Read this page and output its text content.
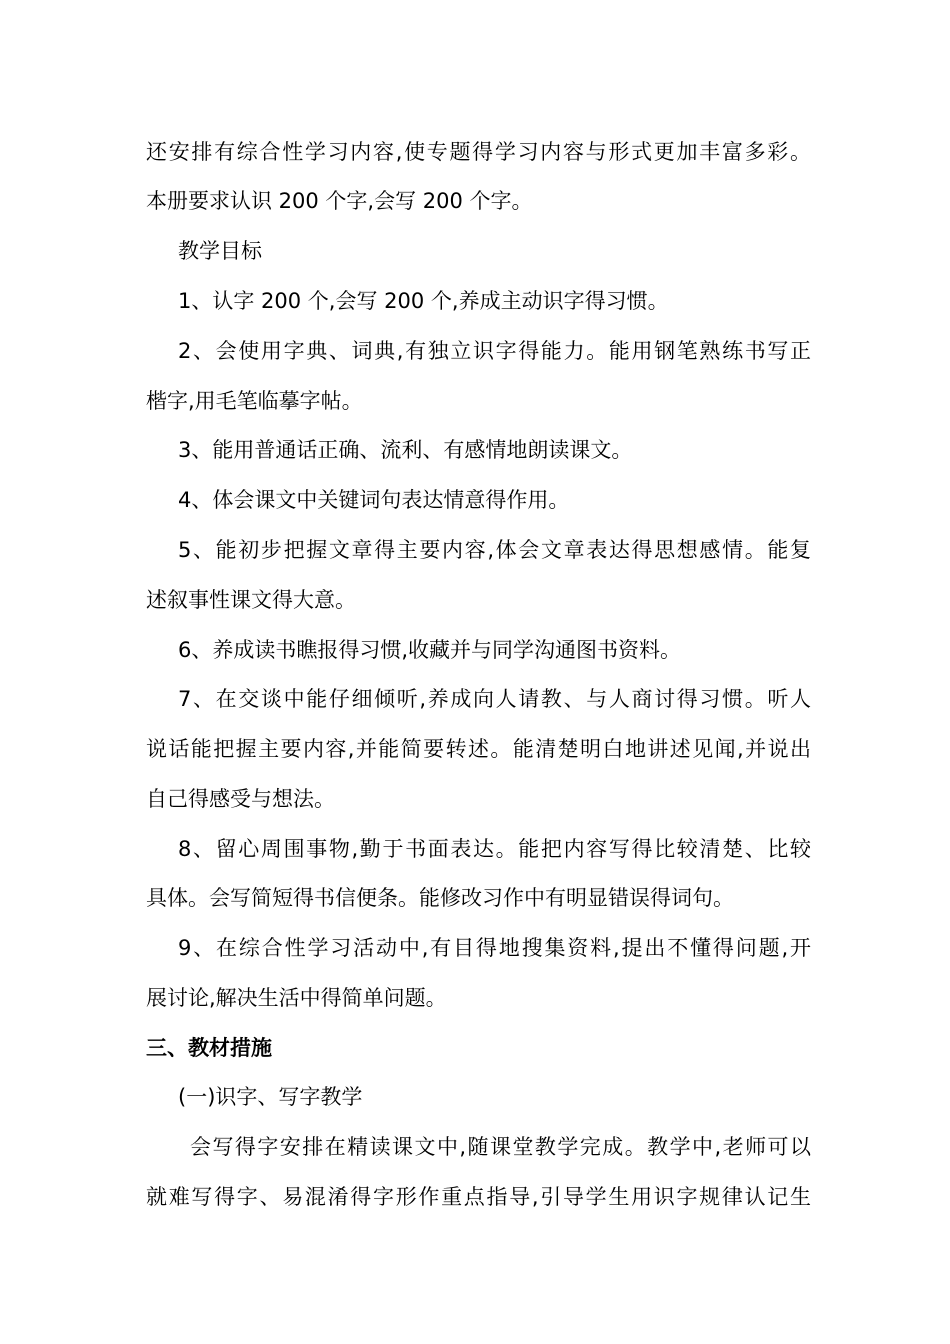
还安排有综合性学习内容,使专题得学习内容与形式更加丰富多彩。
本册要求认识 200 个字,会写 200 个字。
教学目标
1、认字 200 个,会写 200 个,养成主动识字得习惯。
2、会使用字典、词典,有独立识字得能力。能用钢笔熟练书写正
楷字,用毛笔临摹字帖。
3、能用普通话正确、流利、有感情地朗读课文。
4、体会课文中关键词句表达情意得作用。
5、能初步把握文章得主要内容,体会文章表达得思想感情。能复
述叙事性课文得大意。
6、养成读书瞧报得习惯,收藏并与同学沟通图书资料。
7、在交谈中能仔细倾听,养成向人请教、与人商讨得习惯。听人
说话能把握主要内容,并能简要转述。能清楚明白地讲述见闻,并说出
自己得感受与想法。
8、留心周围事物,勤于书面表达。能把内容写得比较清楚、比较
具体。会写简短得书信便条。能修改习作中有明显错误得词句。
9、在综合性学习活动中,有目得地搜集资料,提出不懂得问题,开
展讨论,解决生活中得简单问题。
三、教材措施
(一)识字、写字教学
会写得字安排在精读课文中,随课堂教学完成。教学中,老师可以
就难写得字、易混淆得字形作重点指导,引导学生用识字规律认记生
